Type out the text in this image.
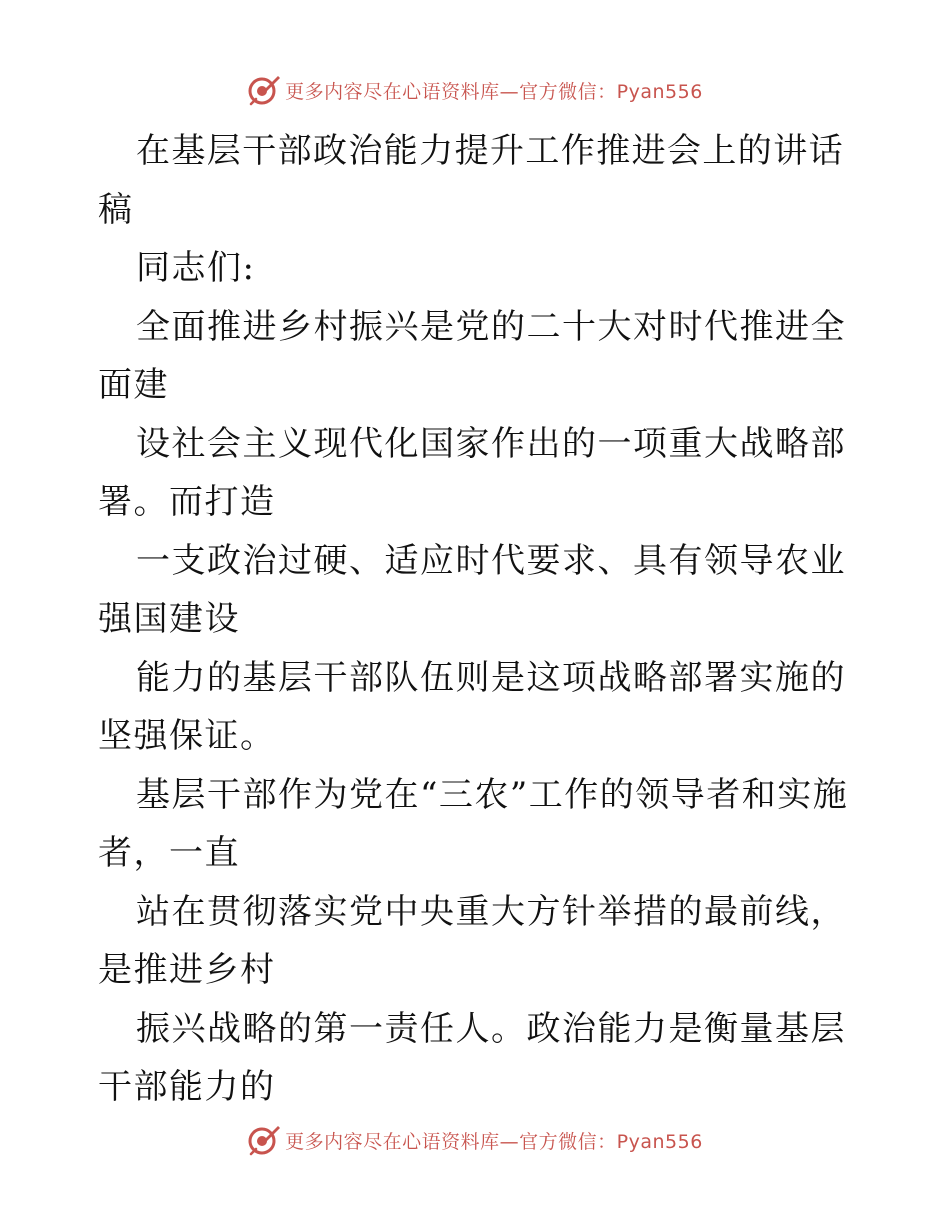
更多内容尽在心语资料库—官方微信：Pyan556

在基层干部政治能力提升工作推进会上的讲话稿

同志们:

全面推进乡村振兴是党的二十大对时代推进全面建

设社会主义现代化国家作出的一项重大战略部署。而打造

一支政治过硬、适应时代要求、具有领导农业强国建设

能力的基层干部队伍则是这项战略部署实施的坚强保证。

基层干部作为党在“三农”工作的领导者和实施者，一直

站在贯彻落实党中央重大方针举措的最前线，是推进乡村

振兴战略的第一责任人。政治能力是衡量基层干部能力的

更多内容尽在心语资料库—官方微信：Pyan556
